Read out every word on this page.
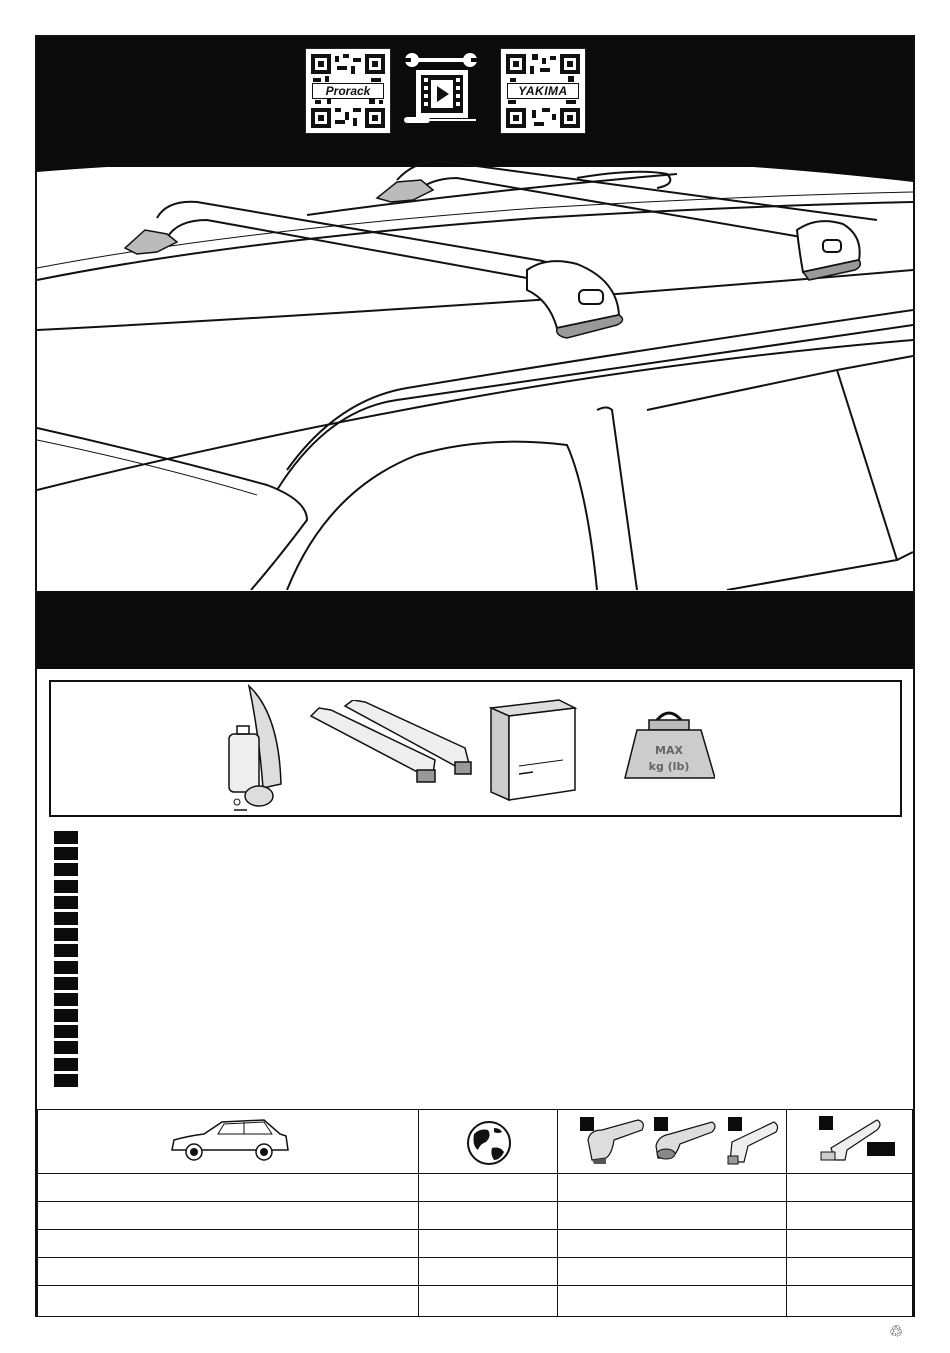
Prorack	YAKIMA
MAX
kg (lb)
♲
